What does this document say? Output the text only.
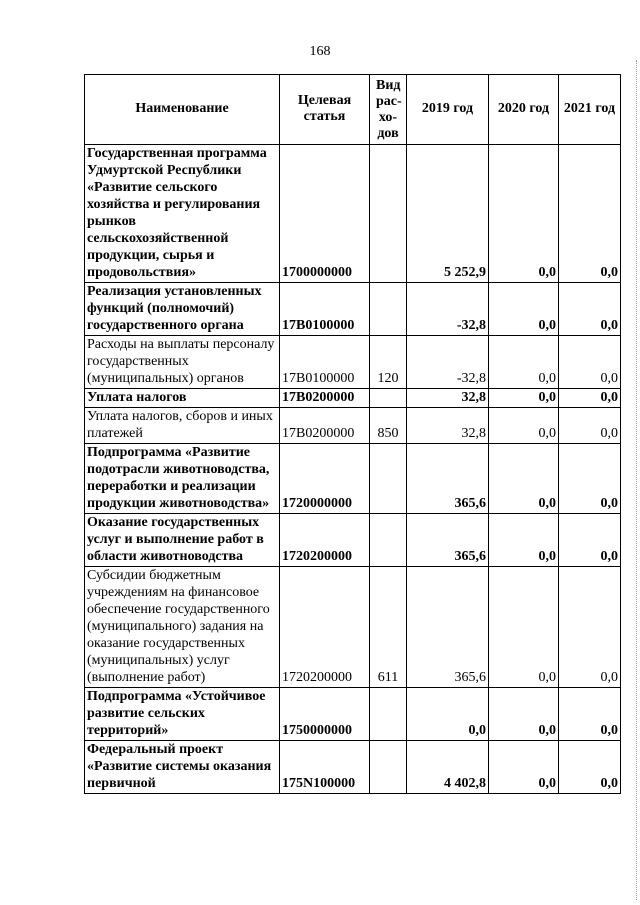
168
Наименование	Целевая статья	Вид рас-хо-дов	2019 год	2020 год	2021 год
Государственная программа Удмуртской Республики «Развитие сельского хозяйства и регулирования рынков сельскохозяйственной продукции, сырья и продовольствия»	1700000000		5 252,9	0,0	0,0
Реализация установленных функций (полномочий) государственного органа	17В0100000		-32,8	0,0	0,0
Расходы на выплаты персоналу государственных (муниципальных) органов	17В0100000	120	-32,8	0,0	0,0
Уплата налогов	17В0200000		32,8	0,0	0,0
Уплата налогов, сборов и иных платежей	17В0200000	850	32,8	0,0	0,0
Подпрограмма «Развитие подотрасли животноводства, переработки и реализации продукции животноводства»	1720000000		365,6	0,0	0,0
Оказание государственных услуг и выполнение работ в области животноводства	1720200000		365,6	0,0	0,0
Субсидии бюджетным учреждениям на финансовое обеспечение государственного (муниципального) задания на оказание государственных (муниципальных) услуг (выполнение работ)	1720200000	611	365,6	0,0	0,0
Подпрограмма «Устойчивое развитие сельских территорий»	1750000000		0,0	0,0	0,0
Федеральный проект «Развитие системы оказания первичной	175N100000		4 402,8	0,0	0,0
